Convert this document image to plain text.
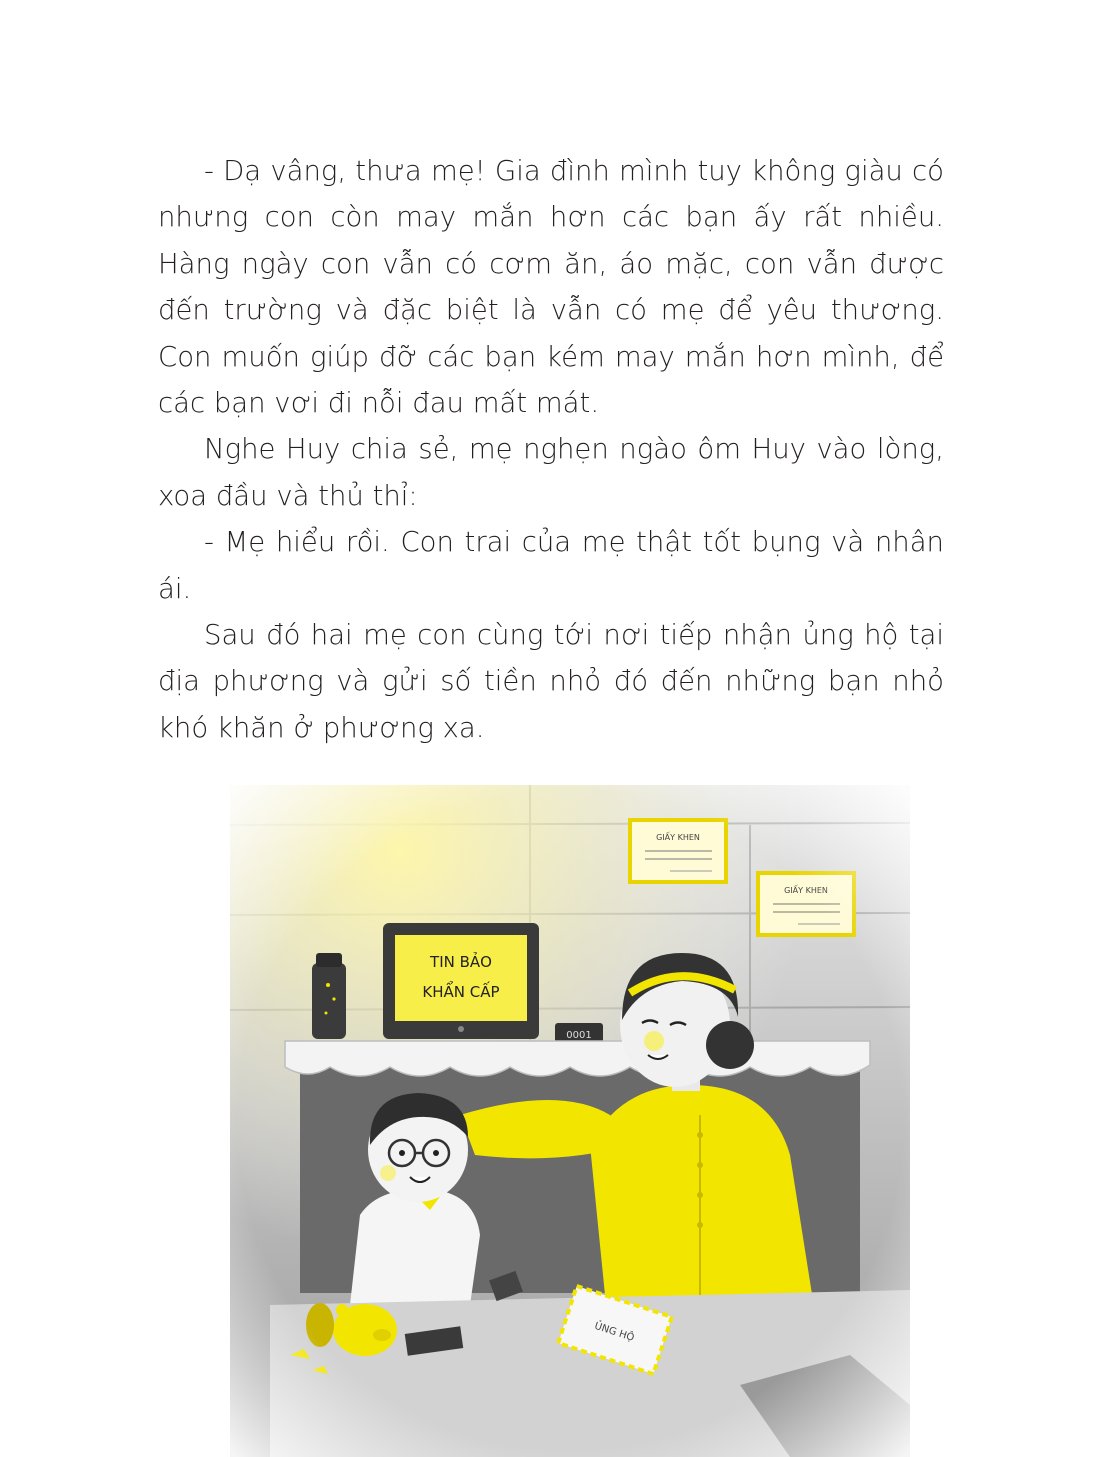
- Dạ vâng, thưa mẹ! Gia đình mình tuy không giàu có nhưng con còn may mắn hơn các bạn ấy rất nhiều. Hàng ngày con vẫn có cơm ăn, áo mặc, con vẫn được đến trường và đặc biệt là vẫn có mẹ để yêu thương. Con muốn giúp đỡ các bạn kém may mắn hơn mình, để các bạn vơi đi nỗi đau mất mát.

Nghe Huy chia sẻ, mẹ nghẹn ngào ôm Huy vào lòng, xoa đầu và thủ thỉ:

- Mẹ hiểu rồi. Con trai của mẹ thật tốt bụng và nhân ái.

Sau đó hai mẹ con cùng tới nơi tiếp nhận ủng hộ tại địa phương và gửi số tiền nhỏ đó đến những bạn nhỏ khó khăn ở phương xa.
